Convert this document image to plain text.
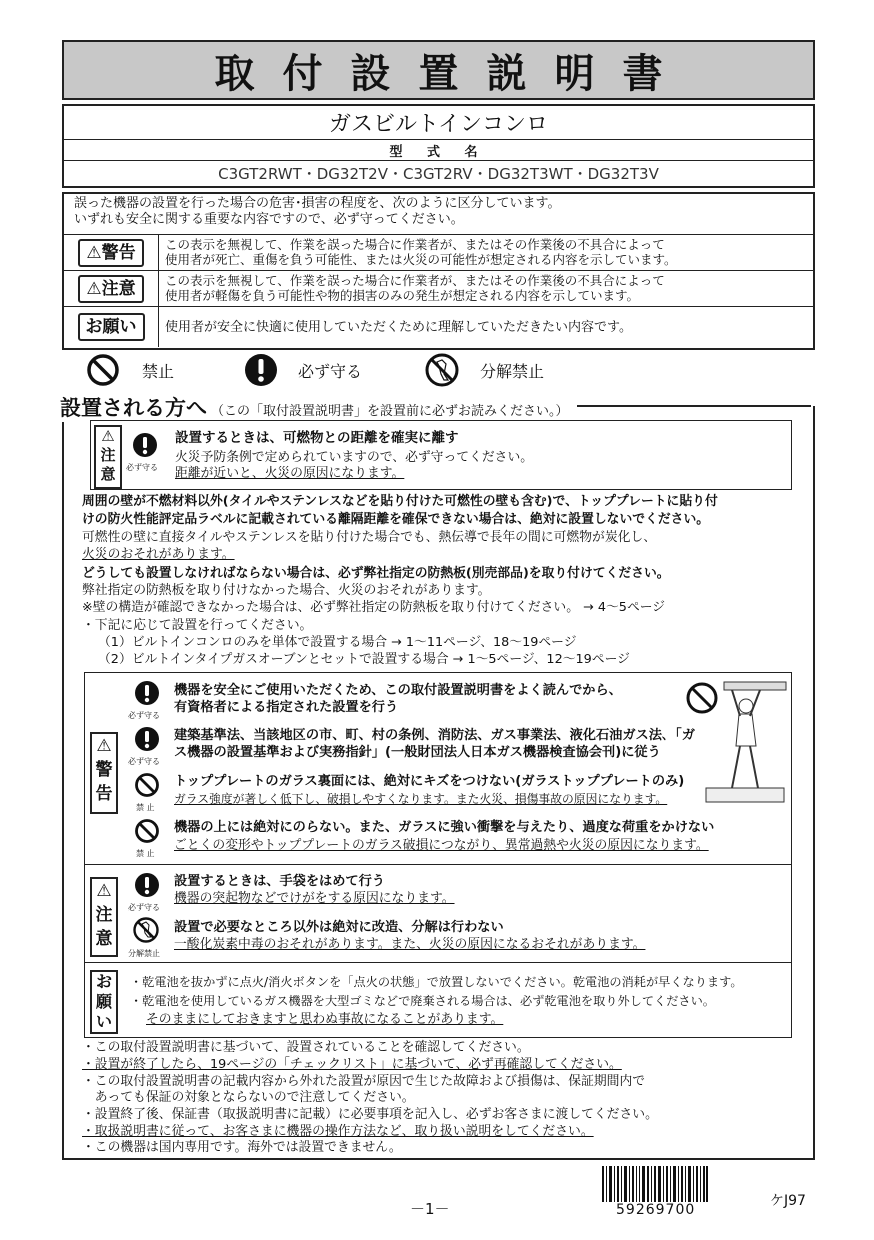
取付設置説明書
ガスビルトインコンロ
型 式 名
C3GT2RWT・DG32T2V・C3GT2RV・DG32T3WT・DG32T3V
誤った機器の設置を行った場合の危害･損害の程度を、次のように区分しています。
いずれも安全に関する重要な内容ですので、必ず守ってください。
⚠警告	この表示を無視して、作業を誤った場合に作業者が、またはその作業後の不具合によって
使用者が死亡、重傷を負う可能性、または火災の可能性が想定される内容を示しています。
⚠注意	この表示を無視して、作業を誤った場合に作業者が、またはその作業後の不具合によって
使用者が軽傷を負う可能性や物的損害のみの発生が想定される内容を示しています。
お願い	使用者が安全に快適に使用していただくために理解していただきたい内容です。
禁止	必ず守る	分解禁止
設置される方へ （この「取付設置説明書」を設置前に必ずお読みください。）
⚠
注
意	必ず守る
設置するときは、可燃物との距離を確実に離す
火災予防条例で定められていますので、必ず守ってください。
距離が近いと、火災の原因になります。
周囲の壁が不燃材料以外(タイルやステンレスなどを貼り付けた可燃性の壁も含む)で、トッププレートに貼り付
けの防火性能評定品ラベルに記載されている離隔距離を確保できない場合は、絶対に設置しないでください。
可燃性の壁に直接タイルやステンレスを貼り付けた場合でも、熱伝導で長年の間に可燃物が炭化し、
火災のおそれがあります。
どうしても設置しなければならない場合は、必ず弊社指定の防熱板(別売部品)を取り付けてください。
弊社指定の防熱板を取り付けなかった場合、火災のおそれがあります。
※壁の構造が確認できなかった場合は、必ず弊社指定の防熱板を取り付けてください。 → 4〜5ページ
・下記に応じて設置を行ってください。
（1）ビルトインコンロのみを単体で設置する場合 → 1〜11ページ、18〜19ページ
（2）ビルトインタイプガスオーブンとセットで設置する場合 → 1〜5ページ、12〜19ページ
⚠
警
告
必ず守る
機器を安全にご使用いただくため、この取付設置説明書をよく読んでから、
有資格者による指定された設置を行う
必ず守る
建築基準法、当該地区の市、町、村の条例、消防法、ガス事業法、液化石油ガス法､「ガ
ス機器の設置基準および実務指針」(一般財団法人日本ガス機器検査協会刊)に従う
禁 止
トッププレートのガラス裏面には、絶対にキズをつけない(ガラストッププレートのみ)
ガラス強度が著しく低下し、破損しやすくなります。また火災、損傷事故の原因になります。
禁 止
機器の上には絶対にのらない。また、ガラスに強い衝撃を与えたり、過度な荷重をかけない
ごとくの変形やトッププレートのガラス破損につながり、異常過熱や火災の原因になります。
⚠
注
意
必ず守る
設置するときは、手袋をはめて行う
機器の突起物などでけがをする原因になります。
分解禁止
設置で必要なところ以外は絶対に改造、分解は行わない
一酸化炭素中毒のおそれがあります。また、火災の原因になるおそれがあります。
お
願
い
・乾電池を抜かずに点火/消火ボタンを「点火の状態」で放置しないでください。乾電池の消耗が早くなります。
・乾電池を使用しているガス機器を大型ゴミなどで廃棄される場合は、必ず乾電池を取り外してください。
そのままにしておきますと思わぬ事故になることがあります。
・この取付設置説明書に基づいて、設置されていることを確認してください。
・設置が終了したら、19ページの「チェックリスト」に基づいて、必ず再確認してください。
・この取付設置説明書の記載内容から外れた設置が原因で生じた故障および損傷は、保証期間内で
　あっても保証の対象とならないので注意してください。
・設置終了後、保証書（取扱説明書に記載）に必要事項を記入し、必ずお客さまに渡してください。
・取扱説明書に従って、お客さまに機器の操作方法など、取り扱い説明をしてください。
・この機器は国内専用です。海外では設置できません。
－1－	59269700
ケJ97
